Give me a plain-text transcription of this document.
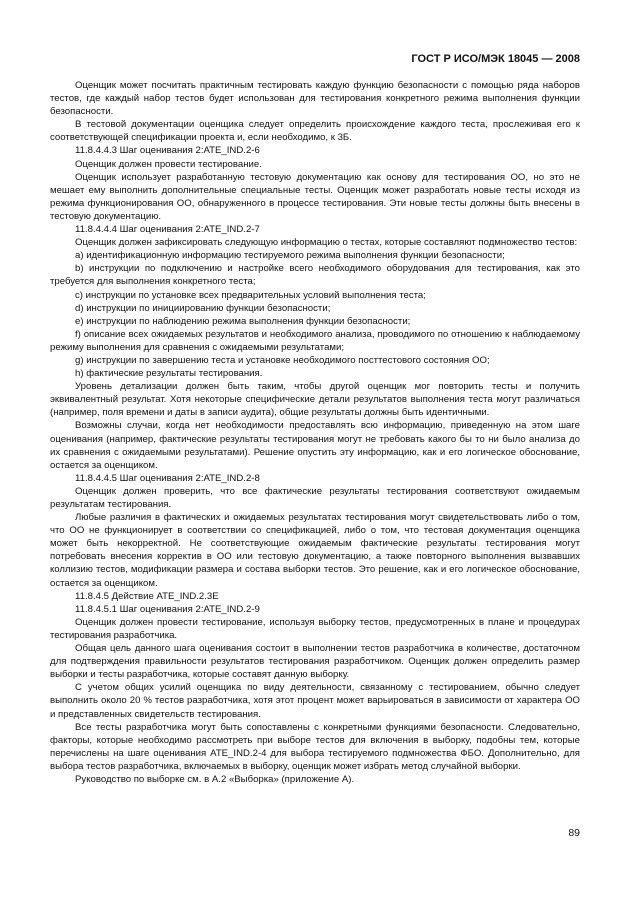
ГОСТ Р ИСО/МЭК 18045 — 2008

Оценщик может посчитать практичным тестировать каждую функцию безопасности с помощью ряда наборов тестов, где каждый набор тестов будет использован для тестирования конкретного режима выполнения функции безопасности.

В тестовой документации оценщика следует определить происхождение каждого теста, прослеживая его к соответствующей спецификации проекта и, если необходимо, к 3Б.

11.8.4.4.3 Шаг оценивания 2:ATE_IND.2-6

Оценщик должен провести тестирование.

Оценщик использует разработанную тестовую документацию как основу для тестирования ОО, но это не мешает ему выполнить дополнительные специальные тесты. Оценщик может разработать новые тесты исходя из режима функционирования ОО, обнаруженного в процессе тестирования. Эти новые тесты должны быть внесены в тестовую документацию.

11.8.4.4.4 Шаг оценивания 2:ATE_IND.2-7

Оценщик должен зафиксировать следующую информацию о тестах, которые составляют подмножество тестов:

a) идентификационную информацию тестируемого режима выполнения функции безопасности;

b) инструкции по подключению и настройке всего необходимого оборудования для тестирования, как это требуется для выполнения конкретного теста;

c) инструкции по установке всех предварительных условий выполнения теста;

d) инструкции по инициированию функции безопасности;

e) инструкции по наблюдению режима выполнения функции безопасности;

f) описание всех ожидаемых результатов и необходимого анализа, проводимого по отношению к наблюдаемому режиму выполнения для сравнения с ожидаемыми результатами;

g) инструкции по завершению теста и установке необходимого посттестового состояния ОО;

h) фактические результаты тестирования.

Уровень детализации должен быть таким, чтобы другой оценщик мог повторить тесты и получить эквивалентный результат. Хотя некоторые специфические детали результатов выполнения теста могут различаться (например, поля времени и даты в записи аудита), общие результаты должны быть идентичными.

Возможны случаи, когда нет необходимости предоставлять всю информацию, приведенную на этом шаге оценивания (например, фактические результаты тестирования могут не требовать какого бы то ни было анализа до их сравнения с ожидаемыми результатами). Решение опустить эту информацию, как и его логическое обоснование, остается за оценщиком.

11.8.4.4.5 Шаг оценивания 2:ATE_IND.2-8

Оценщик должен проверить, что все фактические результаты тестирования соответствуют ожидаемым результатам тестирования.

Любые различия в фактических и ожидаемых результатах тестирования могут свидетельствовать либо о том, что ОО не функционирует в соответствии со спецификацией, либо о том, что тестовая документация оценщика может быть некорректной. Не соответствующие ожидаемым фактические результаты тестирования могут потребовать внесения корректив в ОО или тестовую документацию, а также повторного выполнения вызвавших коллизию тестов, модификации размера и состава выборки тестов. Это решение, как и его логическое обоснование, остается за оценщиком.

11.8.4.5 Действие ATE_IND.2.3E

11.8.4.5.1 Шаг оценивания 2:ATE_IND.2-9

Оценщик должен провести тестирование, используя выборку тестов, предусмотренных в плане и процедурах тестирования разработчика.

Общая цель данного шага оценивания состоит в выполнении тестов разработчика в количестве, достаточном для подтверждения правильности результатов тестирования разработчиком. Оценщик должен определить размер выборки и тесты разработчика, которые составят данную выборку.

С учетом общих усилий оценщика по виду деятельности, связанному с тестированием, обычно следует выполнить около 20 % тестов разработчика, хотя этот процент может варьироваться в зависимости от характера ОО и представленных свидетельств тестирования.

Все тесты разработчика могут быть сопоставлены с конкретными функциями безопасности. Следовательно, факторы, которые необходимо рассмотреть при выборе тестов для включения в выборку, подобны тем, которые перечислены на шаге оценивания ATE_IND.2-4 для выбора тестируемого подмножества ФБО. Дополнительно, для выбора тестов разработчика, включаемых в выборку, оценщик может избрать метод случайной выборки.

Руководство по выборке см. в А.2 «Выборка» (приложение А).

89
